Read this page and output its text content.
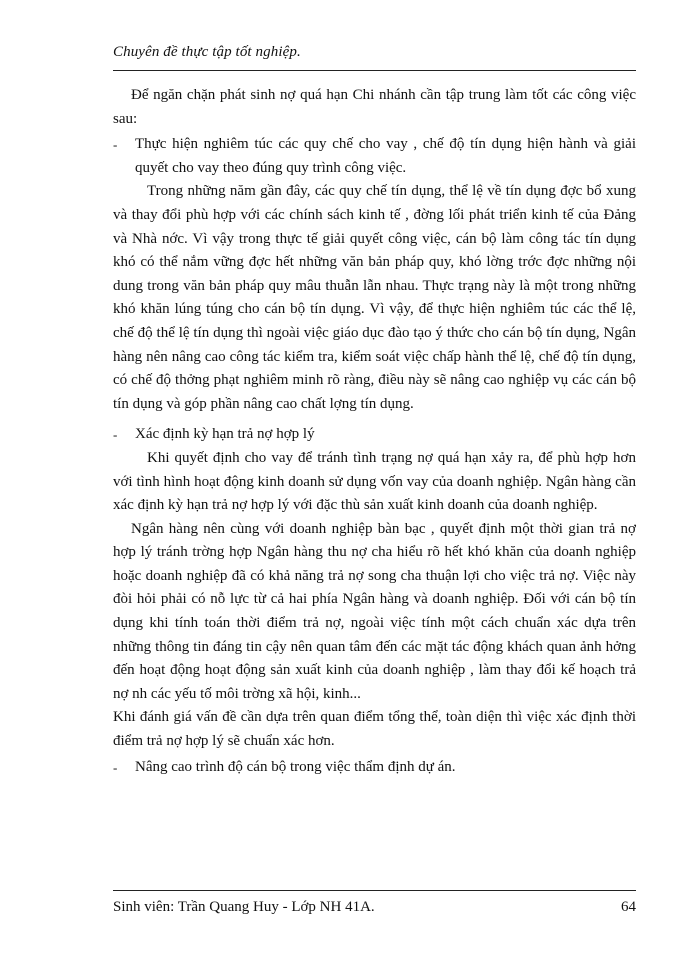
Chuyên đề thực tập tốt nghiệp.

Để ngăn chặn phát sinh nợ quá hạn Chi nhánh cần tập trung làm tốt các công việc sau:

- Thực hiện nghiêm túc các quy chế cho vay , chế độ tín dụng hiện hành và giải quyết cho vay theo đúng quy trình công việc.

Trong những năm gần đây, các quy chế tín dụng, thể lệ về tín dụng đợc bổ xung và thay đổi phù hợp với các chính sách kinh tế , đờng lối phát triển kinh tế của Đảng và Nhà nớc. Vì vậy trong thực tế giải quyết công việc, cán bộ làm công tác tín dụng khó có thể nắm vững đợc hết những văn bản pháp quy, khó lờng trớc đợc những nội dung trong văn bản pháp quy mâu thuẫn lẫn nhau. Thực trạng này là một trong những khó khăn lúng túng cho cán bộ tín dụng. Vì vậy, để thực hiện nghiêm túc các thể lệ, chế độ thể lệ tín dụng thì ngoài việc giáo dục đào tạo ý thức cho cán bộ tín dụng, Ngân hàng nên nâng cao công tác kiểm tra, kiểm soát việc chấp hành thể lệ, chế độ tín dụng, có chế độ thởng phạt nghiêm minh rõ ràng, điều này sẽ nâng cao nghiệp vụ các cán bộ tín dụng và góp phần nâng cao chất lợng tín dụng.

- Xác định kỳ hạn trả nợ hợp lý

Khi quyết định cho vay để tránh tình trạng nợ quá hạn xảy ra, để phù hợp hơn với tình hình hoạt động kinh doanh sử dụng vốn vay của doanh nghiệp. Ngân hàng cần xác định kỳ hạn trả nợ hợp lý với đặc thù sản xuất kinh doanh của doanh nghiệp.

Ngân hàng nên cùng với doanh nghiệp bàn bạc , quyết định một thời gian trả nợ hợp lý tránh trờng hợp Ngân hàng thu nợ cha hiểu rõ hết khó khăn của doanh nghiệp hoặc doanh nghiệp đã có khả năng trả nợ song cha thuận lợi cho việc trả nợ. Việc này đòi hỏi phải có nỗ lực từ cả hai phía Ngân hàng và doanh nghiệp. Đối với cán bộ tín dụng khi tính toán thời điểm trả nợ, ngoài việc tính một cách chuẩn xác dựa trên những thông tin đáng tin cậy nên quan tâm đến các mặt tác động khách quan ảnh hởng đến hoạt động hoạt động sản xuất kinh của doanh nghiệp , làm thay đổi kế hoạch trả nợ nh các yếu tố môi trờng xã hội, kinh...

Khi đánh giá vấn đề cần dựa trên quan điểm tổng thể, toàn diện thì việc xác định thời điểm trả nợ hợp lý sẽ chuẩn xác hơn.

- Nâng cao trình độ cán bộ trong việc thẩm định dự án.
Sinh viên: Trần Quang Huy - Lớp NH 41A.	64
